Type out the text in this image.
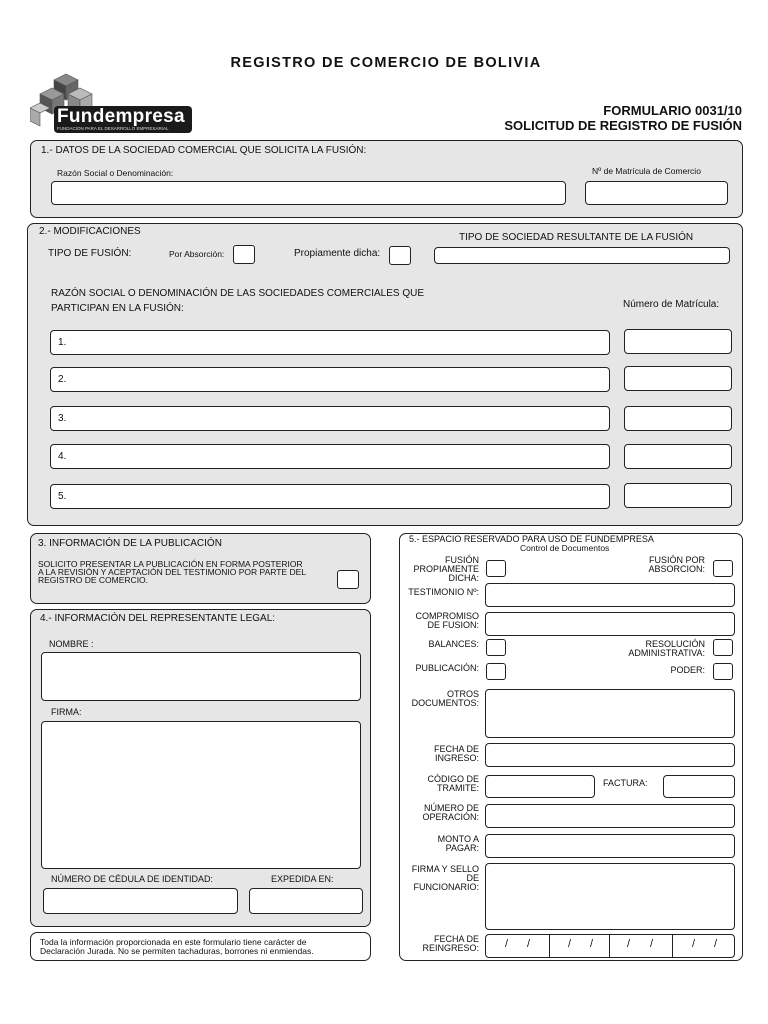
REGISTRO DE COMERCIO DE BOLIVIA
Fundempresa
FUNDACION PARA EL DESARROLLO EMPRESARIAL
FORMULARIO 0031/10
SOLICITUD DE REGISTRO DE FUSIÓN
1.- DATOS DE LA SOCIEDAD COMERCIAL QUE SOLICITA LA FUSIÓN:
Razón Social o Denominación:	Nº de Matrícula de Comercio
2.- MODIFICACIONES
TIPO DE FUSIÓN:	Por Absorción:	Propiamente dicha:
TIPO DE SOCIEDAD RESULTANTE DE LA FUSIÓN
RAZÓN SOCIAL O DENOMINACIÓN DE LAS SOCIEDADES COMERCIALES QUE
PARTICIPAN EN LA FUSIÓN:	Número de Matrícula:
1.
2.
3.
4.
5.
3. INFORMACIÓN DE LA PUBLICACIÓN
SOLICITO PRESENTAR LA PUBLICACIÓN EN FORMA POSTERIOR
A LA REVISIÓN Y ACEPTACIÓN DEL TESTIMONIO POR PARTE DEL
REGISTRO DE COMERCIO.
4.- INFORMACIÓN DEL REPRESENTANTE LEGAL:
NOMBRE :
FIRMA:
NÚMERO DE CÉDULA DE IDENTIDAD:	EXPEDIDA EN:
Toda la información proporcionada en este formulario tiene carácter de
Declaración Jurada. No se permiten tachaduras, borrones ni enmiendas.
5.- ESPACIO RESERVADO PARA USO DE FUNDEMPRESA
Control de Documentos
FUSIÓN
PROPIAMENTE
DICHA:
FUSIÓN POR
ABSORCION:
TESTIMONIO Nº:
COMPROMISO
DE FUSION:
BALANCES:	RESOLUCIÓN
ADMINISTRATIVA:
PUBLICACIÓN:	PODER:
OTROS
DOCUMENTOS:
FECHA DE
INGRESO:
CÓDIGO DE
TRAMITE:	FACTURA:
NÚMERO DE
OPERACIÓN:
MONTO A
PAGAR:
FIRMA Y SELLO
DE
FUNCIONARIO:
FECHA DE
REINGRESO: / /	/ /	/ /	/ /
